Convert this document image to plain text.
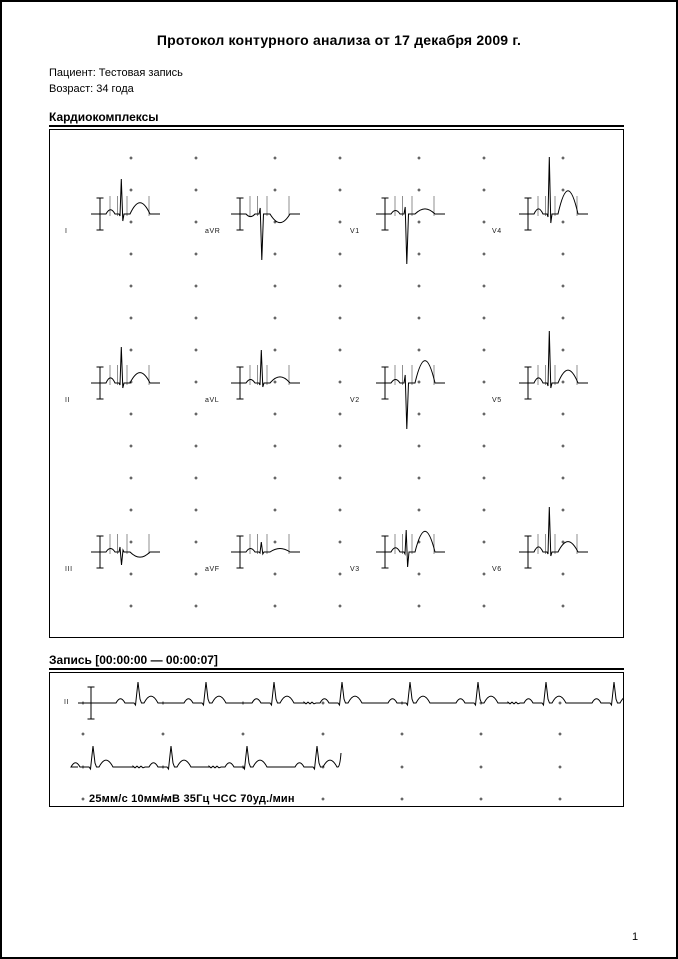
Протокол контурного анализа от 17 декабря 2009 г.
Пациент: Тестовая запись
Возраст: 34 года
Кардиокомплексы
I	aVR	V1	V4
II	aVL	V2	V5
III	aVF	V3	V6
Запись [00:00:00 — 00:00:07]
II
25мм/с 10мм/мВ 35Гц ЧСС 70уд./мин
1
